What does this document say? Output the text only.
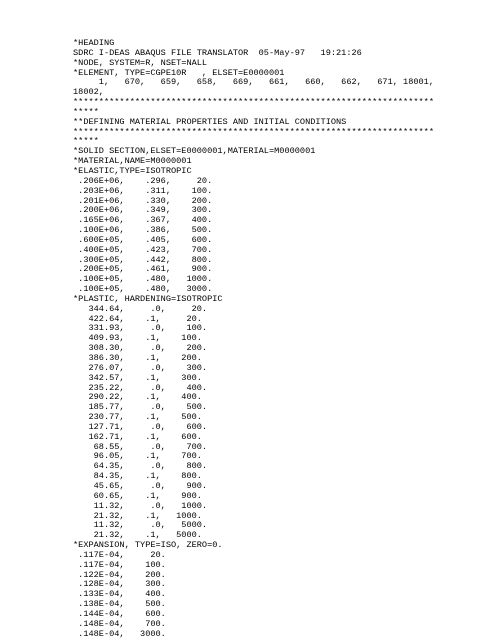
*HEADING
SDRC I-DEAS ABAQUS FILE TRANSLATOR  05-May-97   19:21:26
*NODE, SYSTEM=R, NSET=NALL
*ELEMENT, TYPE=CGPE10R   , ELSET=E0000001
1,   670,   659,   658,   669,   661,   660,   662,   671, 18001,
18002,
**********************************************************************
*****
**DEFINING MATERIAL PROPERTIES AND INITIAL CONDITIONS
**********************************************************************
*****
*SOLID SECTION,ELSET=E0000001,MATERIAL=M0000001
*MATERIAL,NAME=M0000001
*ELASTIC,TYPE=ISOTROPIC
.206E+06,    .296,     20.
.203E+06,    .311,    100.
.201E+06,    .330,    200.
.200E+06,    .349,    300.
.165E+06,    .367,    400.
.100E+06,    .386,    500.
.600E+05,    .405,    600.
.400E+05,    .423,    700.
.300E+05,    .442,    800.
.200E+05,    .461,    900.
.100E+05,    .480,   1000.
.100E+05,    .480,   3000.
*PLASTIC, HARDENING=ISOTROPIC
344.64,     .0,     20.
422.64,    .1,     20.
331.93,     .0,    100.
409.93,    .1,    100.
308.30,     .0,    200.
386.30,    .1,    200.
276.07,     .0,    300.
342.57,    .1,    300.
235.22,     .0,    400.
290.22,    .1,    400.
185.77,     .0,    500.
230.77,    .1,    500.
127.71,     .0,    600.
162.71,    .1,    600.
68.55,     .0,    700.
96.05,    .1,    700.
64.35,     .0,    800.
84.35,    .1,    800.
45.65,     .0,    900.
60.65,    .1,    900.
11.32,     .0,   1000.
21.32,    .1,   1000.
11.32,     .0,   5000.
21.32,    .1,   5000.
*EXPANSION, TYPE=ISO, ZERO=0.
.117E-04,     20.
.117E-04,    100.
.122E-04,    200.
.128E-04,    300.
.133E-04,    400.
.138E-04,    500.
.144E-04,    600.
.148E-04,    700.
.148E-04,   3000.
